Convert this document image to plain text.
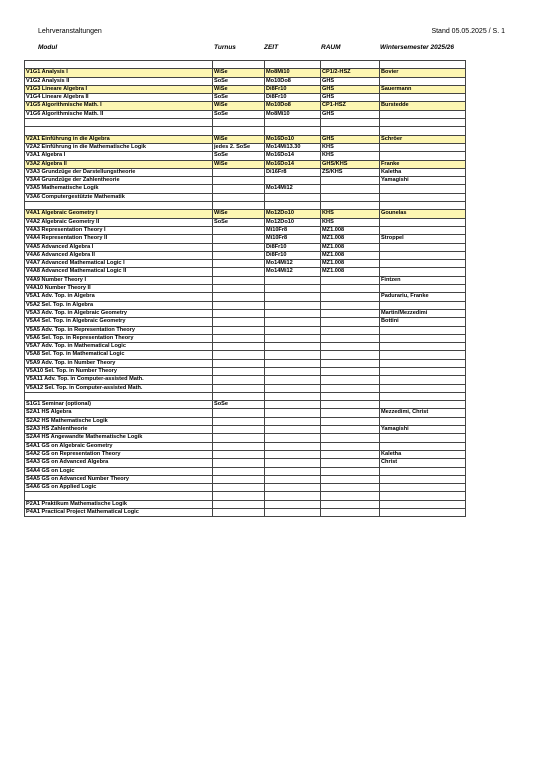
Lehrveranstaltungen	Stand 05.05.2025 / S. 1
Modul	Turnus	ZEIT	RAUM	Wintersemester 2025/26

V1G1 Analysis I	WiSe	Mo8Mi10	CP1/2-HSZ	Bovier
V1G2 Analysis II	SoSe	Mo10Do8	GHS	
V1G3 Lineare Algebra I	WiSe	Di8Fr10	GHS	Sauermann
V1G4 Lineare Algebra II	SoSe	Di8Fr10	GHS	
V1G5 Algorithmische Math. I	WiSe	Mo10Do8	CP1-HSZ	Burstedde
V1G6 Algorithmische Math. II	SoSe	Mo8Mi10	GHS	

V2A1 Einführung in die Algebra	WiSe	Mo16Do10	GHS	Schröer
V2A2 Einführung in die Mathematische Logik	jedes 2. SoSe	Mo14Mi13.30	KHS	
V3A1 Algebra I	SoSe	Mo16Do14	KHS	
V3A2 Algebra II	WiSe	Mo16Do14	GHS/KHS	Franke
V3A3 Grundzüge der Darstellungstheorie		Di16Fr8	ZS/KHS	Kaletha
V3A4 Grundzüge der Zahlentheorie				Yamagishi
V3A5 Mathematische Logik		Mo14Mi12		
V3A6 Computergestützte Mathematik				

V4A1 Algebraic Geometry I	WiSe	Mo12Do10	KHS	Gounelas
V4A2 Algebraic Geometry II	SoSe	Mo12Do10	KHS	
V4A3 Representation Theory I		Mi10Fr8	MZ1.008	
V4A4 Representation Theory II		Mi10Fr8	MZ1.008	Stroppel
V4A5 Advanced Algebra I		Di8Fr10	MZ1.008	
V4A6 Advanced Algebra II		Di8Fr10	MZ1.008	
V4A7 Advanced Mathematical Logic I		Mo14Mi12	MZ1.008	
V4A8 Advanced Mathematical Logic II		Mo14Mi12	MZ1.008	
V4A9 Number Theory I				Fintzen
V4A10 Number Theory II				
V5A1 Adv. Top. in Algebra				Padurariu, Franke
V5A2 Sel. Top. in Algebra				
V5A3 Adv. Top. in Algebraic Geometry				Martin/Mezzedimi
V5A4 Sel. Top. in Algebraic Geometry				Bottini
V5A5 Adv. Top. in Representation Theory				
V5A6 Sel. Top. in Representation Theory				
V5A7 Adv. Top. in Mathematical Logic				
V5A8 Sel. Top. in Mathematical Logic				
V5A9 Adv. Top. in Number Theory				
V5A10 Sel. Top. in Number Theory				
V5A11 Adv. Top. in Computer-assisted Math.				
V5A12 Sel. Top. in Computer-assisted Math.				

S1G1 Seminar (optional)	SoSe			
S2A1 HS Algebra				Mezzedimi, Christ
S2A2 HS Mathematische Logik				
S2A3 HS Zahlentheorie				Yamagishi
S2A4 HS Angewandte Mathematische Logik				
S4A1 GS on Algebraic Geometry				
S4A2 GS on Representation Theory				Kaletha
S4A3 GS on Advanced Algebra				Christ
S4A4 GS on Logic				
S4A5 GS on Advanced Number Theory				
S4A6 GS on Applied Logic				

P2A1 Praktikum Mathematische Logik				
P4A1 Practical Project Mathematical Logic				
